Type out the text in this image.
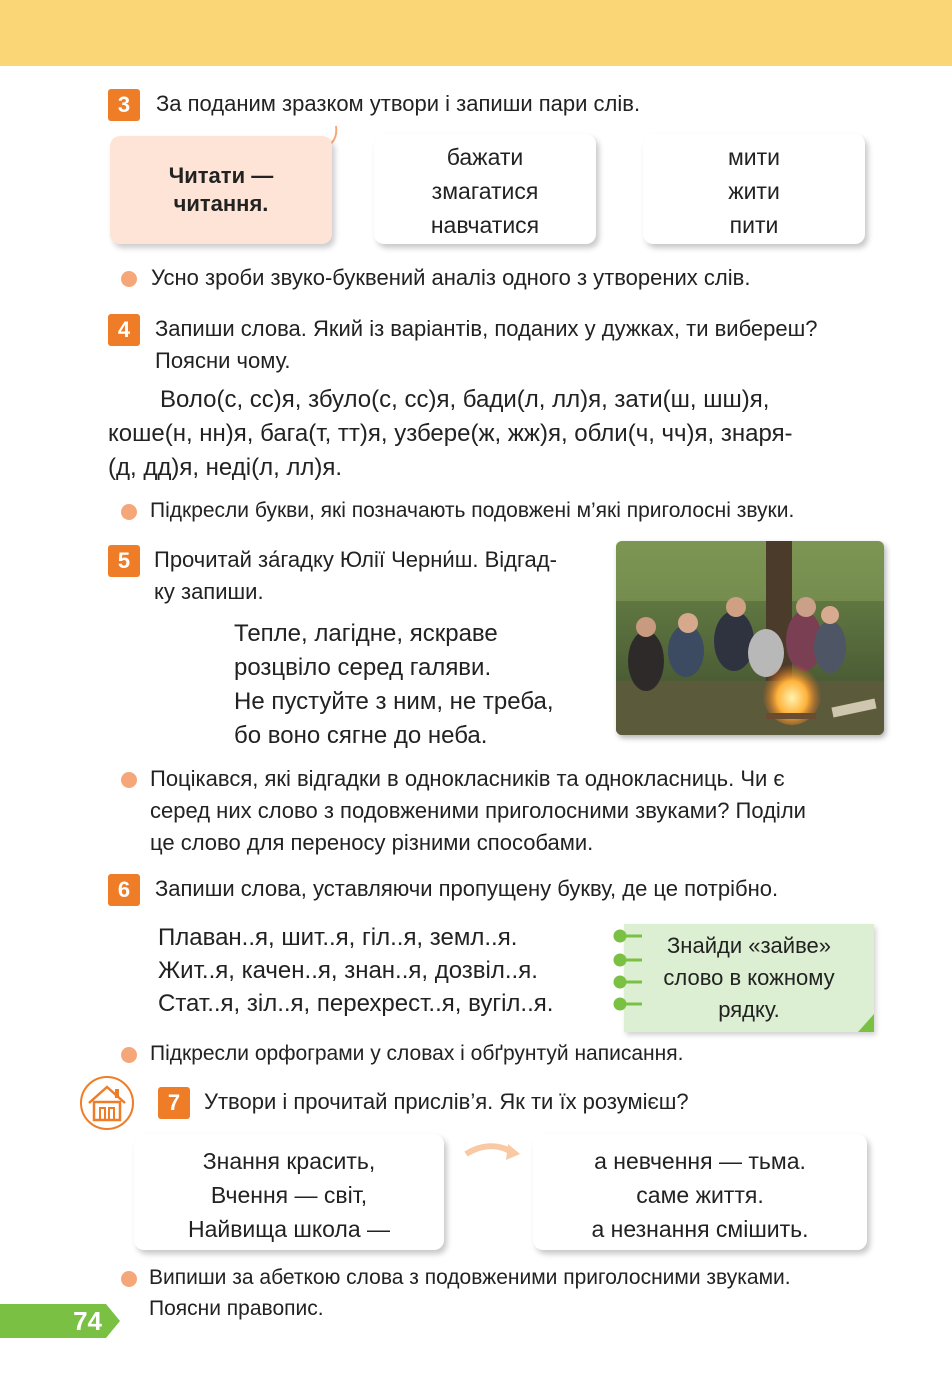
3	За поданим зразком утвори і запиши пари слів.
Читати —
читання.
бажати
змагатися
навчатися
мити
жити
пити
Усно зроби звуко-буквений аналіз одного з утворених слів.
4	Запиши слова. Який із варіантів, поданих у дужках, ти вибереш?
Поясни чому.
Воло(с, сс)я, збуло(с, сс)я, бади(л, лл)я, зати(ш, шш)я,
коше(н, нн)я, бага(т, тт)я, узбере(ж, жж)я, обли(ч, чч)я, знаря-
(д, дд)я, неді(л, лл)я.
Підкресли букви, які позначають подовжені м’які приголосні звуки.
5	Прочитай за́гадку Юлії Черни́ш. Відгад-
ку запиши.
Тепле, лагідне, яскраве
розцвіло серед галяви.
Не пустуйте з ним, не треба,
бо воно сягне до неба.
Поцікався, які відгадки в однокласників та однокласниць. Чи є
серед них слово з подовженими приголосними звуками? Поділи
це слово для переносу різними способами.
6	Запиши слова, уставляючи пропущену букву, де це потрібно.
Плаван..я, шит..я, гіл..я, земл..я.
Жит..я, качен..я, знан..я, дозвіл..я.
Стат..я, зіл..я, перехрест..я, вугіл..я.
Знайди «зайве»
слово в кожному
рядку.
Підкресли орфограми у словах і обґрунтуй написання.
7	Утвори і прочитай прислів’я. Як ти їх розумієш?
Знання красить,
Вчення — світ,
Найвища школа —
а невчення — тьма.
саме життя.
а незнання смішить.
Випиши за абеткою слова з подовженими приголосними звуками.
Поясни правопис.
74
